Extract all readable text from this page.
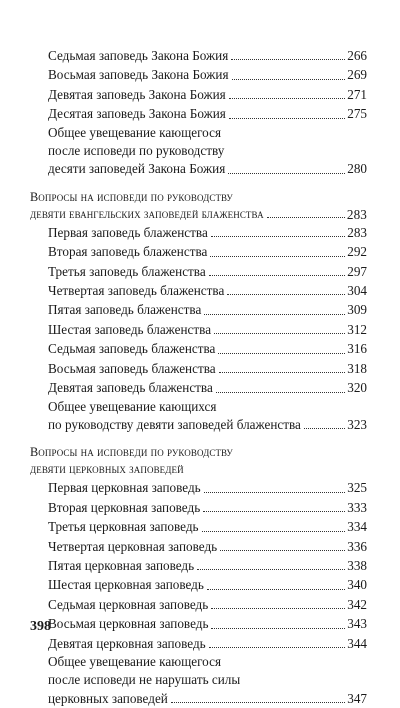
Седьмая заповедь Закона Божия	266
Восьмая заповедь Закона Божия	269
Девятая заповедь Закона Божия	271
Десятая заповедь Закона Божия	275
Общее увещевание кающегося
после исповеди по руководству
десяти заповедей Закона Божия	280
Вопросы на исповеди по руководству
девяти евангельских заповедей блаженства	283
Первая заповедь блаженства	283
Вторая заповедь блаженства	292
Третья заповедь блаженства	297
Четвертая заповедь блаженства	304
Пятая заповедь блаженства	309
Шестая заповедь блаженства	312
Седьмая заповедь блаженства	316
Восьмая заповедь блаженства	318
Девятая заповедь блаженства	320
Общее увещевание кающихся
по руководству девяти заповедей блаженства	323
Вопросы на исповеди по руководству
девяти церковных заповедей
Первая церковная заповедь	325
Вторая церковная заповедь	333
Третья церковная заповедь	334
Четвертая церковная заповедь	336
Пятая церковная заповедь	338
Шестая церковная заповедь	340
Седьмая церковная заповедь	342
Восьмая церковная заповедь	343
Девятая церковная заповедь	344
Общее увещевание кающегося
после исповеди не нарушать силы
церковных заповедей	347
398
